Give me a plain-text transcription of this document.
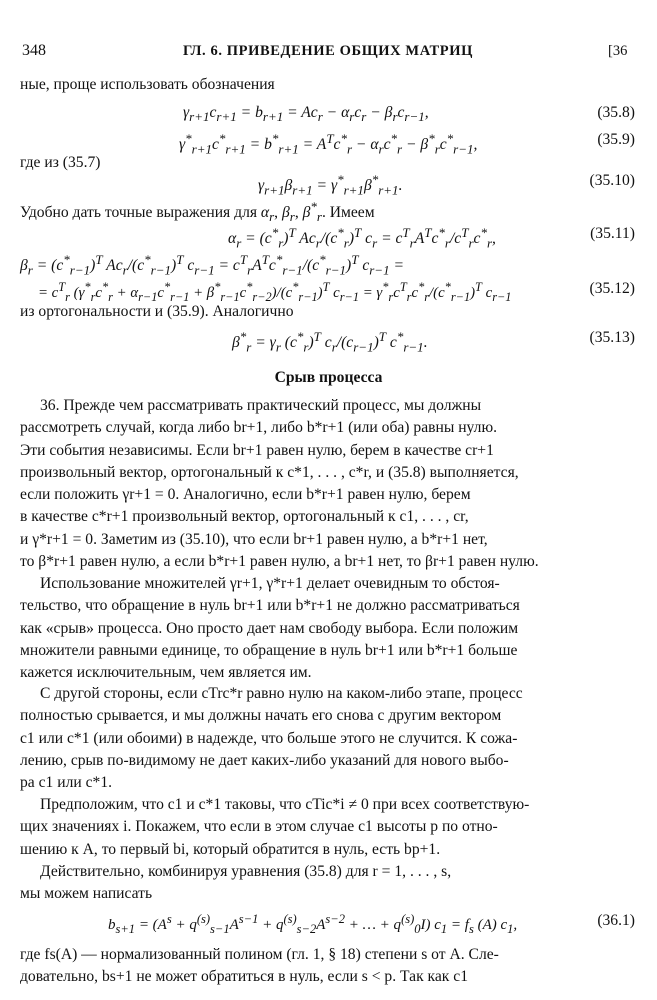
348	ГЛ. 6. ПРИВЕДЕНИЕ ОБЩИХ МАТРИЦ	[36
ные, проще использовать обозначения
$\gamma_{r+1}c_{r+1} = b_{r+1} = Ac_r - \alpha_rc_r - \beta_rc_{r-1}$,	(35.8)
$\gamma^*_{r+1}c^*_{r+1} = b^*_{r+1} = A^Tc^*_r - \alpha_rc^*_r - \beta^*_rc^*_{r-1}$,	(35.9)
где из (35.7)
$\gamma_{r+1}\beta_{r+1} = \gamma^*_{r+1}\beta^*_{r+1}$.	(35.10)
Удобно дать точные выражения для $\alpha_r$, $\beta_r$, $\beta^*_r$. Имеем
$\alpha_r = (c^*_r)^T$ $Ac_r/(c^*_r)^T$ $c_r = c^T_rA^Tc^*_r/c^T_rc^*_r$,	(35.11)
$\beta_r = (c^*_{r-1})^T$ $Ac_r/(c^*_{r-1})^T$ $c_{r-1} = c^T_rA^Tc^*_{r-1}/(c^*_{r-1})^T$ $c_{r-1}$ =
= $c^T_r$ $(\gamma^*_rc^*_r + \alpha_{r-1}c^*_{r-1} + \beta^*_{r-1}c^*_{r-2})/(c^*_{r-1})^T$ $c_{r-1} = \gamma^*_rc^T_rc^*_r/(c^*_{r-1})^T$ $c_{r-1}$	(35.12)
из ортогональности и (35.9). Аналогично
$\beta^*_r = \gamma_r$ $(c^*_r)^T$ $c_r/(c_{r-1})^T$ $c^*_{r-1}$.	(35.13)
Срыв процесса
36. Прежде чем рассматривать практический процесс, мы должны
рассмотреть случай, когда либо br+1, либо b*r+1 (или оба) равны нулю.
Эти события независимы. Если br+1 равен нулю, берем в качестве cr+1
произвольный вектор, ортогональный к c*1, . . . , c*r, и (35.8) выполняется,
если положить γr+1 = 0. Аналогично, если b*r+1 равен нулю, берем
в качестве c*r+1 произвольный вектор, ортогональный к c1, . . . , cr,
и γ*r+1 = 0. Заметим из (35.10), что если br+1 равен нулю, а b*r+1 нет,
то β*r+1 равен нулю, а если b*r+1 равен нулю, а br+1 нет, то βr+1 равен нулю.
Использование множителей γr+1, γ*r+1 делает очевидным то обстоя-
тельство, что обращение в нуль br+1 или b*r+1 не должно рассматриваться
как «срыв» процесса. Оно просто дает нам свободу выбора. Если положим
множители равными единице, то обращение в нуль br+1 или b*r+1 больше
кажется исключительным, чем является им.
С другой стороны, если cTrc*r равно нулю на каком-либо этапе, процесс
полностью срывается, и мы должны начать его снова с другим вектором
c1 или c*1 (или обоими) в надежде, что больше этого не случится. К сожа-
лению, срыв по-видимому не дает каких-либо указаний для нового выбо-
ра c1 или c*1.
Предположим, что c1 и c*1 таковы, что cTic*i ≠ 0 при всех соответствую-
щих значениях i. Покажем, что если в этом случае c1 высоты p по отно-
шению к A, то первый bi, который обратится в нуль, есть bp+1.
Действительно, комбинируя уравнения (35.8) для r = 1, . . . , s,
мы можем написать
$b_{s+1} = (A^s + q^{(s)}_{s-1}A^{s-1} + q^{(s)}_{s-2}A^{s-2}$ + … + $q^{(s)}_0I$) $c_1 = f_s$ (A) $c_1$,	(36.1)
где fs(A) — нормализованный полином (гл. 1, § 18) степени s от A. Сле-
довательно, bs+1 не может обратиться в нуль, если s < p. Так как c1
